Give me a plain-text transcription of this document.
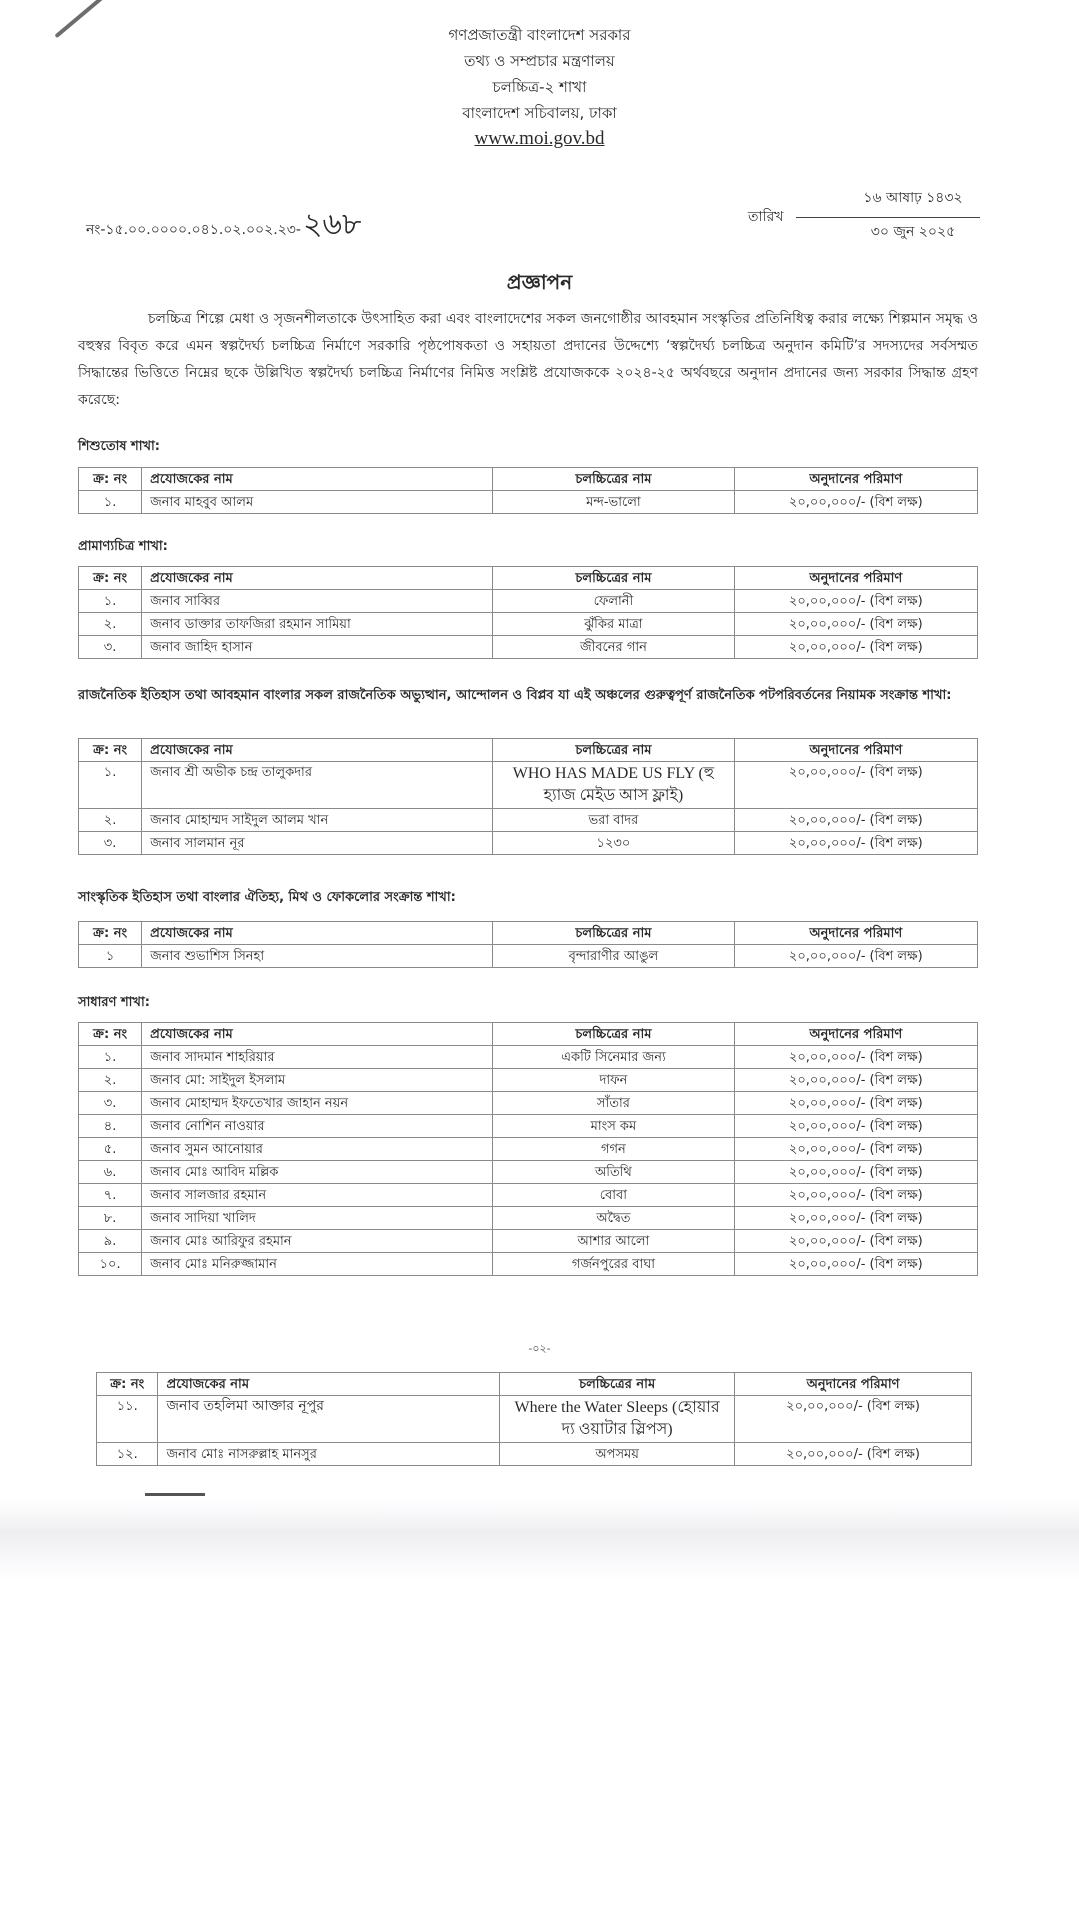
গণপ্রজাতন্ত্রী বাংলাদেশ সরকার
তথ্য ও সম্প্রচার মন্ত্রণালয়
চলচ্চিত্র-২ শাখা
বাংলাদেশ সচিবালয়, ঢাকা
www.moi.gov.bd
নং-১৫.০০.০০০০.০৪১.০২.০০২.২৩-২৬৮	তারিখ
১৬ আষাঢ় ১৪৩২
৩০ জুন ২০২৫
প্রজ্ঞাপন
চলচ্চিত্র শিল্পে মেধা ও সৃজনশীলতাকে উৎসাহিত করা এবং বাংলাদেশের সকল জনগোষ্ঠীর আবহমান সংস্কৃতির প্রতিনিধিত্ব করার লক্ষ্যে শিল্পমান সমৃদ্ধ ও বহুস্বর বিবৃত করে এমন স্বল্পদৈর্ঘ্য চলচ্চিত্র নির্মাণে সরকারি পৃষ্ঠপোষকতা ও সহায়তা প্রদানের উদ্দেশ্যে ‘স্বল্পদৈর্ঘ্য চলচ্চিত্র অনুদান কমিটি’র সদস্যদের সর্বসম্মত সিদ্ধান্তের ভিত্তিতে নিম্নের ছকে উল্লিখিত স্বল্পদৈর্ঘ্য চলচ্চিত্র নির্মাণের নিমিত্ত সংশ্লিষ্ট প্রযোজককে ২০২৪-২৫ অর্থবছরে অনুদান প্রদানের জন্য সরকার সিদ্ধান্ত গ্রহণ করেছে:
শিশুতোষ শাখা:
ক্র: নং	প্রযোজকের নাম	চলচ্চিত্রের নাম	অনুদানের পরিমাণ
১.	জনাব মাহবুব আলম	মন্দ-ভালো	২০,০০,০০০/- (বিশ লক্ষ)
প্রামাণ্যচিত্র শাখা:
ক্র: নং	প্রযোজকের নাম	চলচ্চিত্রের নাম	অনুদানের পরিমাণ
১.	জনাব সাব্বির	ফেলানী	২০,০০,০০০/- (বিশ লক্ষ)
২.	জনাব ডাক্তার তাফজিরা রহমান সামিয়া	ঝুঁকির মাত্রা	২০,০০,০০০/- (বিশ লক্ষ)
৩.	জনাব জাহিদ হাসান	জীবনের গান	২০,০০,০০০/- (বিশ লক্ষ)
রাজনৈতিক ইতিহাস তথা আবহমান বাংলার সকল রাজনৈতিক অভ্যুত্থান, আন্দোলন ও বিপ্লব যা এই অঞ্চলের গুরুত্বপূর্ণ রাজনৈতিক পটপরিবর্তনের নিয়ামক সংক্রান্ত শাখা:
ক্র: নং	প্রযোজকের নাম	চলচ্চিত্রের নাম	অনুদানের পরিমাণ
১.	জনাব শ্রী অভীক চন্দ্র তালুকদার	WHO HAS MADE US FLY (হু হ্যাজ মেইড আস ফ্লাই)	২০,০০,০০০/- (বিশ লক্ষ)
২.	জনাব মোহাম্মদ সাইদুল আলম খান	ভরা বাদর	২০,০০,০০০/- (বিশ লক্ষ)
৩.	জনাব সালমান নূর	১২৩০	২০,০০,০০০/- (বিশ লক্ষ)
সাংস্কৃতিক ইতিহাস তথা বাংলার ঐতিহ্য, মিথ ও ফোকলোর সংক্রান্ত শাখা:
ক্র: নং	প্রযোজকের নাম	চলচ্চিত্রের নাম	অনুদানের পরিমাণ
১	জনাব শুভাশিস সিনহা	বৃন্দারাণীর আঙুল	২০,০০,০০০/- (বিশ লক্ষ)
সাধারণ শাখা:
ক্র: নং	প্রযোজকের নাম	চলচ্চিত্রের নাম	অনুদানের পরিমাণ
১.	জনাব সাদমান শাহরিয়ার	একটি সিনেমার জন্য	২০,০০,০০০/- (বিশ লক্ষ)
২.	জনাব মো: সাইদুল ইসলাম	দাফন	২০,০০,০০০/- (বিশ লক্ষ)
৩.	জনাব মোহাম্মদ ইফতেখার জাহান নয়ন	সাঁতার	২০,০০,০০০/- (বিশ লক্ষ)
৪.	জনাব নোশিন নাওয়ার	মাংস কম	২০,০০,০০০/- (বিশ লক্ষ)
৫.	জনাব সুমন আনোয়ার	গগন	২০,০০,০০০/- (বিশ লক্ষ)
৬.	জনাব মোঃ আবিদ মল্লিক	অতিথি	২০,০০,০০০/- (বিশ লক্ষ)
৭.	জনাব সালজার রহমান	বোবা	২০,০০,০০০/- (বিশ লক্ষ)
৮.	জনাব সাদিয়া খালিদ	অদ্বৈত	২০,০০,০০০/- (বিশ লক্ষ)
৯.	জনাব মোঃ আরিফুর রহমান	আশার আলো	২০,০০,০০০/- (বিশ লক্ষ)
১০.	জনাব মোঃ মনিরুজ্জামান	গর্জনপুরের বাঘা	২০,০০,০০০/- (বিশ লক্ষ)
-০২-
ক্র: নং	প্রযোজকের নাম	চলচ্চিত্রের নাম	অনুদানের পরিমাণ
১১.	জনাব তহলিমা আক্তার নূপুর	Where the Water Sleeps (হোয়ার দ্য ওয়াটার স্লিপস)	২০,০০,০০০/- (বিশ লক্ষ)
১২.	জনাব মোঃ নাসরুল্লাহ মানসুর	অপসময়	২০,০০,০০০/- (বিশ লক্ষ)
